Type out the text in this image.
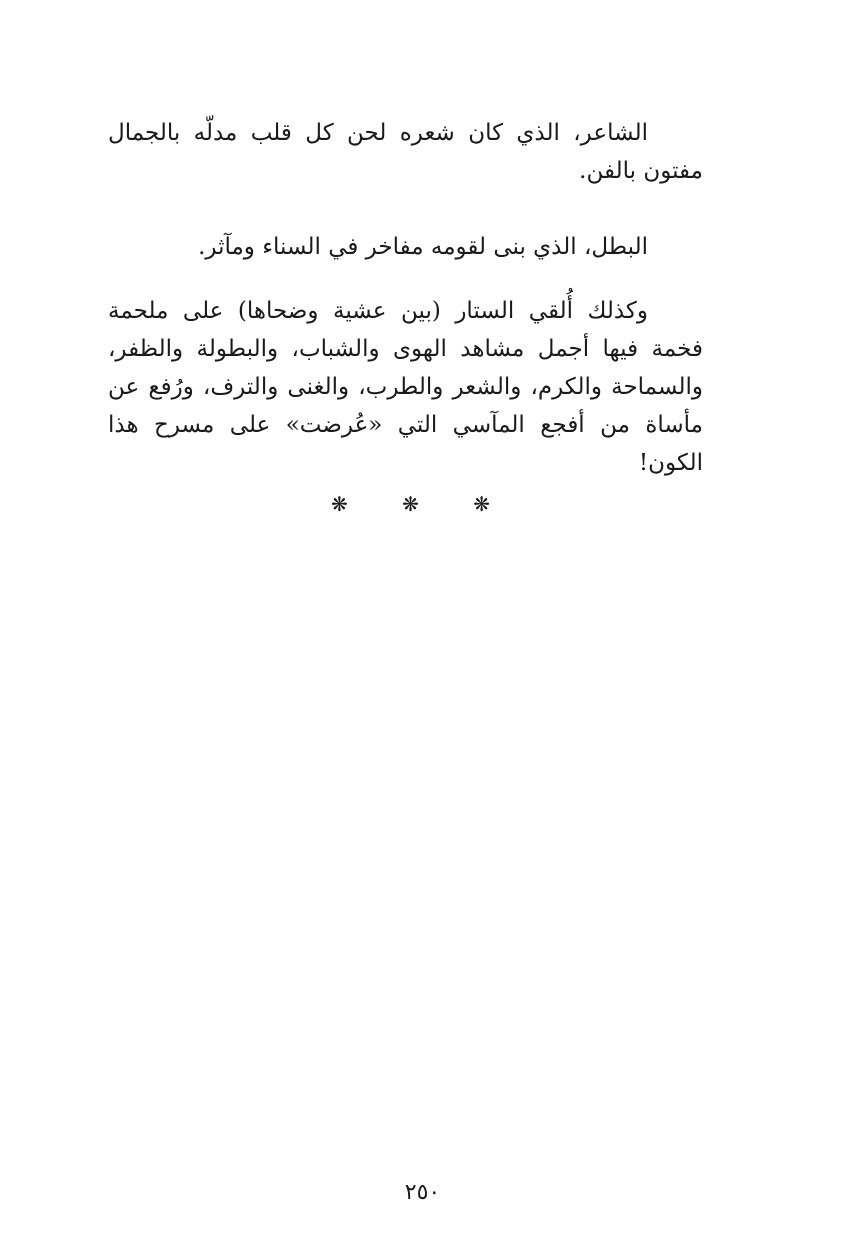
الشاعر، الذي كان شعره لحن كل قلب مدلّه بالجمال مفتون بالفن.

البطل، الذي بنى لقومه مفاخر في السناء ومآثر.

وكذلك أُلقي الستار (بين عشية وضحاها) على ملحمة فخمة فيها أجمل مشاهد الهوى والشباب، والبطولة والظفر، والسماحة والكرم، والشعر والطرب، والغنى والترف، ورُفع عن مأساة من أفجع المآسي التي «عُرضت» على مسرح هذا الكون!

❋ ❋ ❋
٢٥٠
